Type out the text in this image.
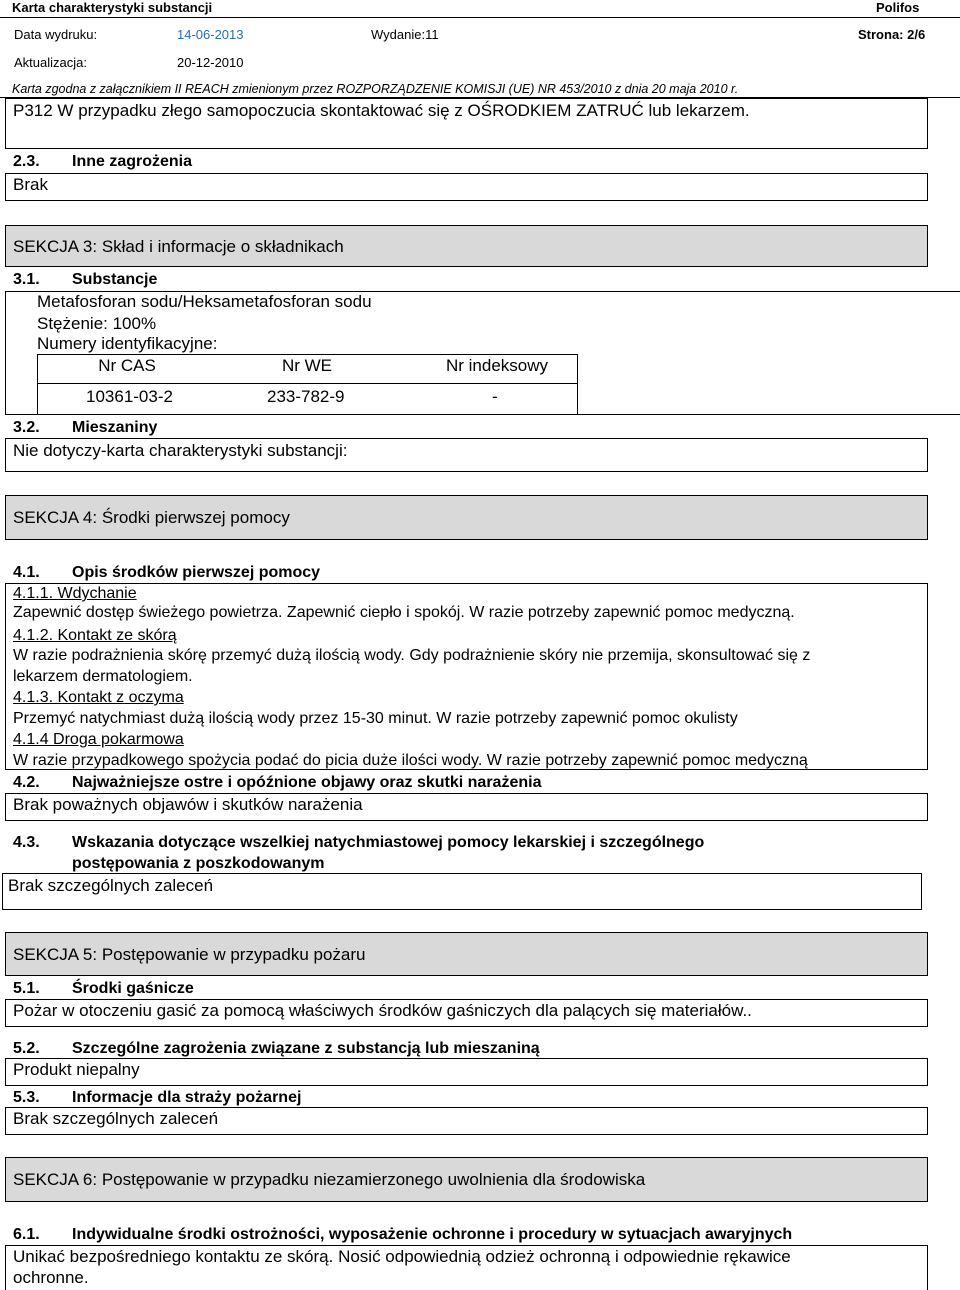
Karta charakterystyki substancji	Polifos
Data wydruku:	14-06-2013	Wydanie:11	Strona: 2/6
Aktualizacja:	20-12-2010
Karta zgodna z załącznikiem II REACH zmienionym przez ROZPORZĄDZENIE KOMISJI (UE) NR 453/2010 z dnia 20 maja 2010 r.
P312 W przypadku złego samopoczucia skontaktować się z OŚRODKIEM ZATRUĆ lub lekarzem.
2.3. Inne zagrożenia
Brak
SEKCJA 3: Skład i informacje o składnikach
3.1. Substancje
Metafosforan sodu/Heksametafosforan sodu
Stężenie: 100%
Numery identyfikacyjne:
Nr CAS	Nr WE	Nr indeksowy
10361-03-2	233-782-9	-
3.2. Mieszaniny
Nie dotyczy-karta charakterystyki substancji:
SEKCJA 4: Środki pierwszej pomocy
4.1. Opis środków pierwszej pomocy
4.1.1. Wdychanie
Zapewnić dostęp świeżego powietrza. Zapewnić ciepło i spokój. W razie potrzeby zapewnić pomoc medyczną.
4.1.2. Kontakt ze skórą
W razie podrażnienia skórę przemyć dużą ilością wody. Gdy podrażnienie skóry nie przemija, skonsultować się z
lekarzem dermatologiem.
4.1.3. Kontakt z oczyma
Przemyć natychmiast dużą ilością wody przez 15-30 minut. W razie potrzeby zapewnić pomoc okulisty
4.1.4 Droga pokarmowa
W razie przypadkowego spożycia podać do picia duże ilości wody. W razie potrzeby zapewnić pomoc medyczną
4.2. Najważniejsze ostre i opóźnione objawy oraz skutki narażenia
Brak poważnych objawów i skutków narażenia
4.3. Wskazania dotyczące wszelkiej natychmiastowej pomocy lekarskiej i szczególnego
postępowania z poszkodowanym
Brak szczególnych zaleceń
SEKCJA 5: Postępowanie w przypadku pożaru
5.1. Środki gaśnicze
Pożar w otoczeniu gasić za pomocą właściwych środków gaśniczych dla palących się materiałów..
5.2. Szczególne zagrożenia związane z substancją lub mieszaniną
Produkt niepalny
5.3. Informacje dla straży pożarnej
Brak szczególnych zaleceń
SEKCJA 6: Postępowanie w przypadku niezamierzonego uwolnienia dla środowiska
6.1. Indywidualne środki ostrożności, wyposażenie ochronne i procedury w sytuacjach awaryjnych
Unikać bezpośredniego kontaktu ze skórą. Nosić odpowiednią odzież ochronną i odpowiednie rękawice
ochronne.
